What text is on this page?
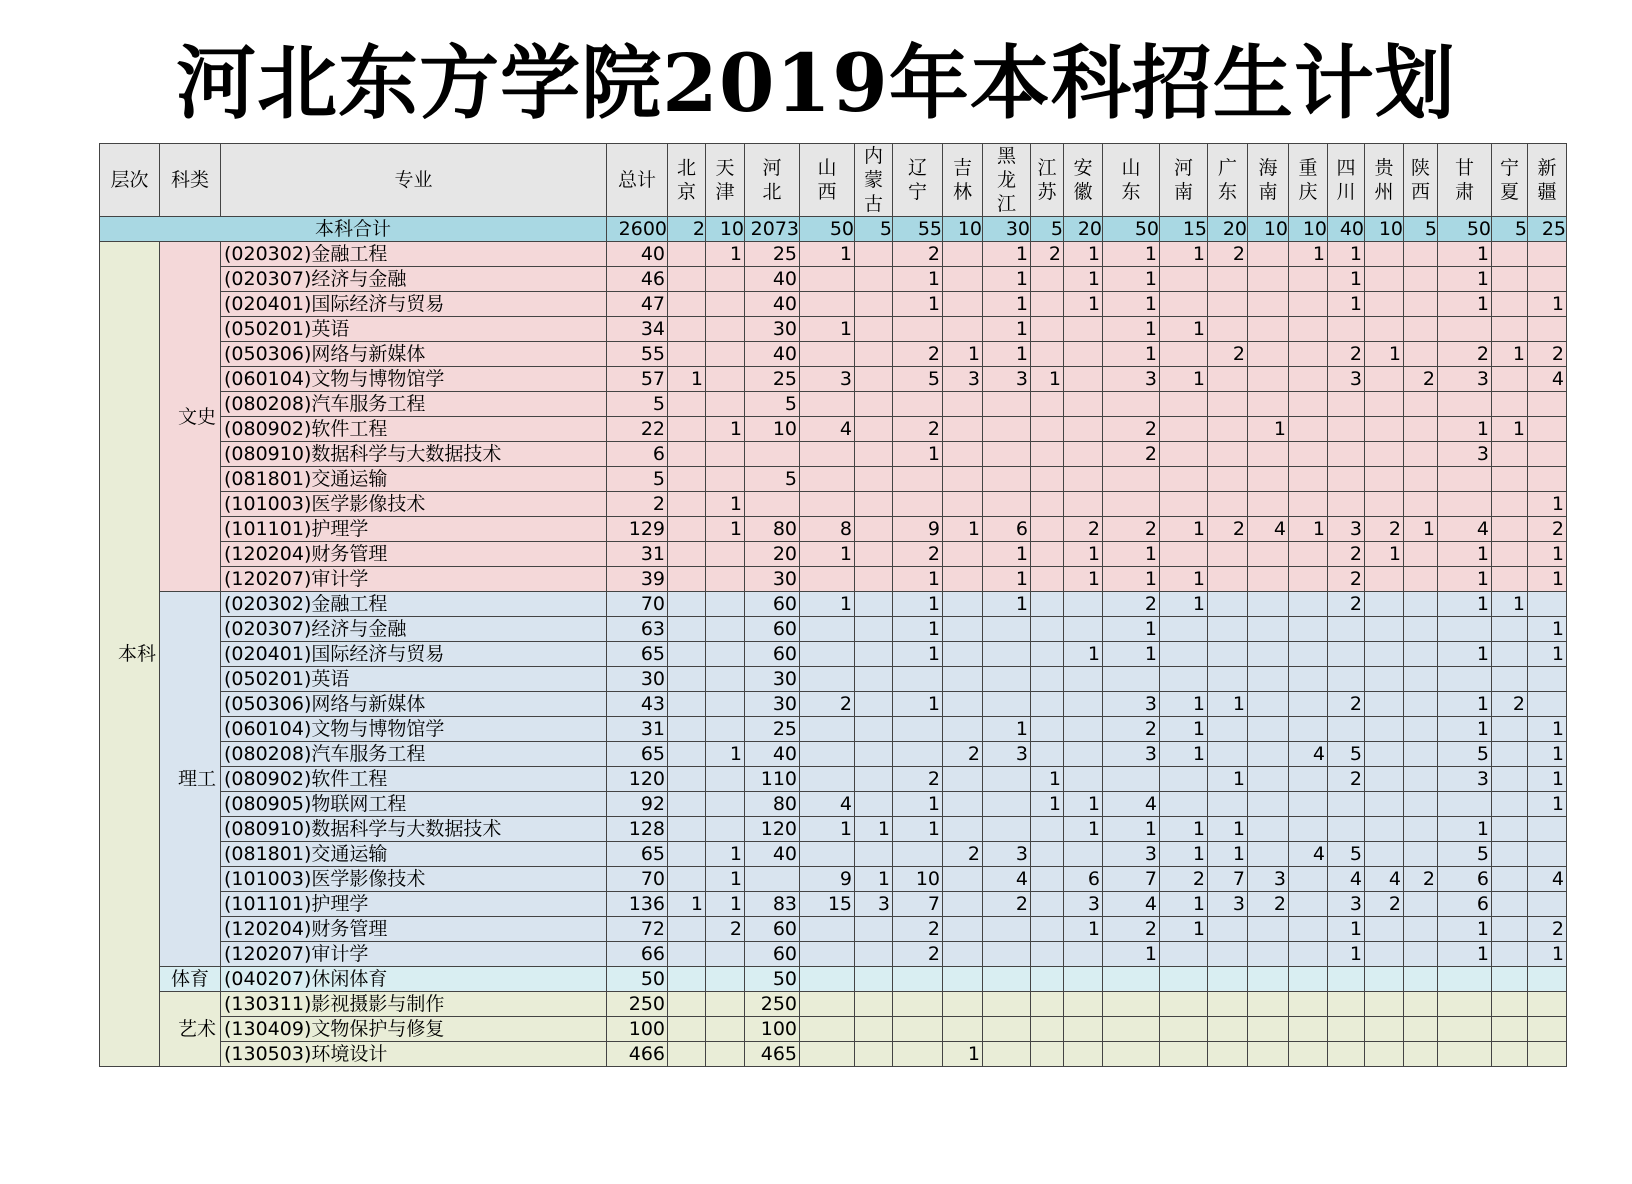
河北东方学院2019年本科招生计划
层次	科类	专业	总计	北京	天津	河北	山西	内蒙古	辽宁	吉林	黑龙江	江苏	安徽	山东	河南	广东	海南	重庆	四川	贵州	陕西	甘肃	宁夏	新疆

本科合计			2600	2	10	2073	50	5	55	10	30	5	20	50	15	20	10	10	40	10	5	50	5	25
本科	文史	(020302)金融工程	40		1	25	1		2		1	2	1	1	1	2		1	1			1		
		(020307)经济与金融	46			40			1		1		1	1					1			1		
		(020401)国际经济与贸易	47			40			1		1		1	1					1			1		1
		(050201)英语	34			30	1				1			1	1									
		(050306)网络与新媒体	55			40			2	1	1			1		2			2	1		2	1	2
		(060104)文物与博物馆学	57	1		25	3		5	3	3	1		3	1				3		2	3		4
		(080208)汽车服务工程	5			5																		
		(080902)软件工程	22		1	10	4		2					2			1					1	1	
		(080910)数据科学与大数据技术	6						1					2								3		
		(081801)交通运输	5			5																		
		(101003)医学影像技术	2		1																			1
		(101101)护理学	129		1	80	8		9	1	6		2	2	1	2	4	1	3	2	1	4		2
		(120204)财务管理	31			20	1		2		1		1	1					2	1		1		1
		(120207)审计学	39			30			1		1		1	1	1				2			1		1
	理工	(020302)金融工程	70			60	1		1		1			2	1				2			1	1	
		(020307)经济与金融	63			60			1					1										1
		(020401)国际经济与贸易	65			60			1				1	1								1		1
		(050201)英语	30			30																		
		(050306)网络与新媒体	43			30	2		1					3	1	1			2			1	2	
		(060104)文物与博物馆学	31			25					1			2	1							1		1
		(080208)汽车服务工程	65		1	40				2	3			3	1			4	5			5		1
		(080902)软件工程	120			110			2			1				1			2			3		1
		(080905)物联网工程	92			80	4		1			1	1	4										1
		(080910)数据科学与大数据技术	128			120	1	1	1				1	1	1	1						1		
		(081801)交通运输	65		1	40				2	3			3	1	1		4	5			5		
		(101003)医学影像技术	70		1		9	1	10		4		6	7	2	7	3		4	4	2	6		4
		(101101)护理学	136	1	1	83	15	3	7		2		3	4	1	3	2		3	2		6		
		(120204)财务管理	72		2	60			2				1	2	1				1			1		2
		(120207)审计学	66			60			2					1					1			1		1
	体育	(040207)休闲体育	50			50																		
	艺术	(130311)影视摄影与制作	250			250																		
		(130409)文物保护与修复	100			100																		
		(130503)环境设计	466			465				1														
